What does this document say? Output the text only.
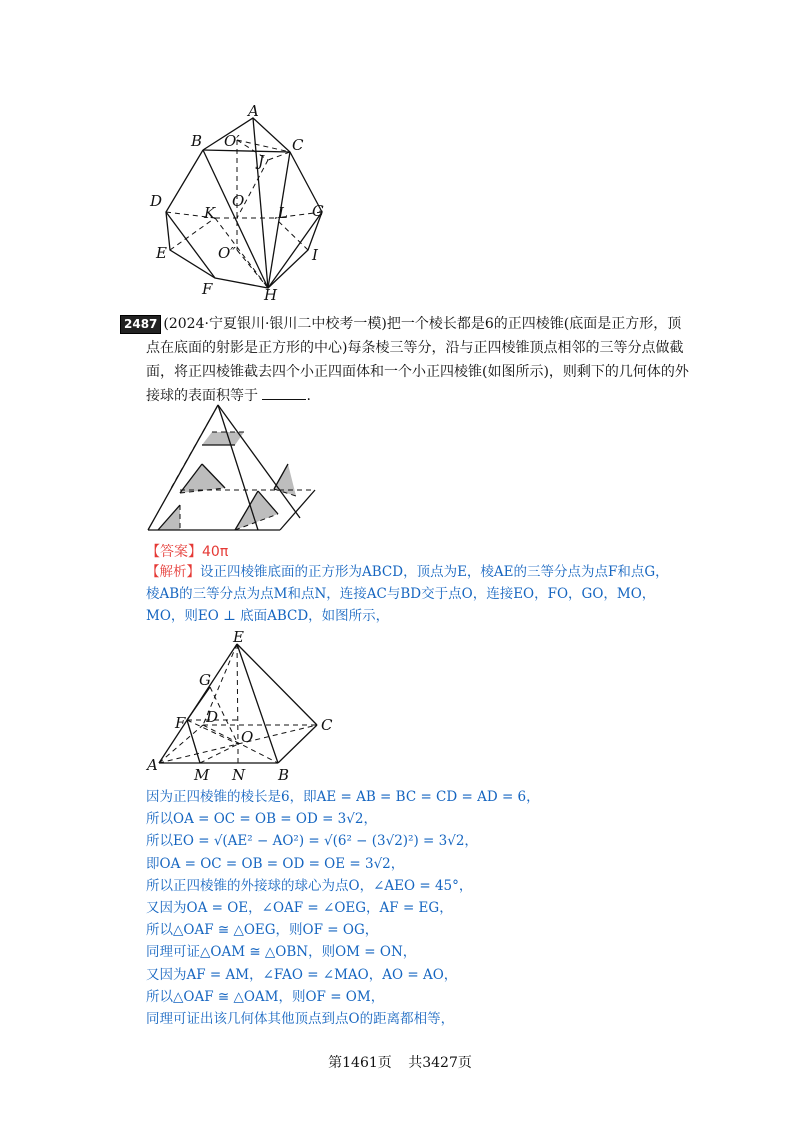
A
B O′	C
J
D	O
K	L G
E	O″	I
F	H
2487 (2024·宁夏银川·银川二中校考一模)把一个棱长都是6的正四棱锥(底面是正方形，顶
点在底面的射影是正方形的中心)每条棱三等分，沿与正四棱锥顶点相邻的三等分点做截
面，将正四棱锥截去四个小正四面体和一个小正四棱锥(如图所示)，则剩下的几何体的外
接球的表面积等于	.
【答案】40π
【解析】设正四棱锥底面的正方形为ABCD，顶点为E，棱AE的三等分点为点F和点G，
棱AB的三等分点为点M和点N，连接AC与BD交于点O，连接EO，FO，GO，MO，
MO，则EO ⊥ 底面ABCD，如图所示，
E
G
F D
O
C
A
M N B
因为正四棱锥的棱长是6，即AE = AB = BC = CD = AD = 6，
所以OA = OC = OB = OD = 3√2，
所以EO = √(AE² − AO²) = √(6² − (3√2)²) = 3√2，
即OA = OC = OB = OD = OE = 3√2，
所以正四棱锥的外接球的球心为点O，∠AEO = 45°，
又因为OA = OE，∠OAF = ∠OEG，AF = EG，
所以△OAF ≅ △OEG，则OF = OG，
同理可证△OAM ≅ △OBN，则OM = ON，
又因为AF = AM，∠FAO = ∠MAO，AO = AO，
所以△OAF ≅ △OAM，则OF = OM，
同理可证出该几何体其他顶点到点O的距离都相等，
第1461页 共3427页
